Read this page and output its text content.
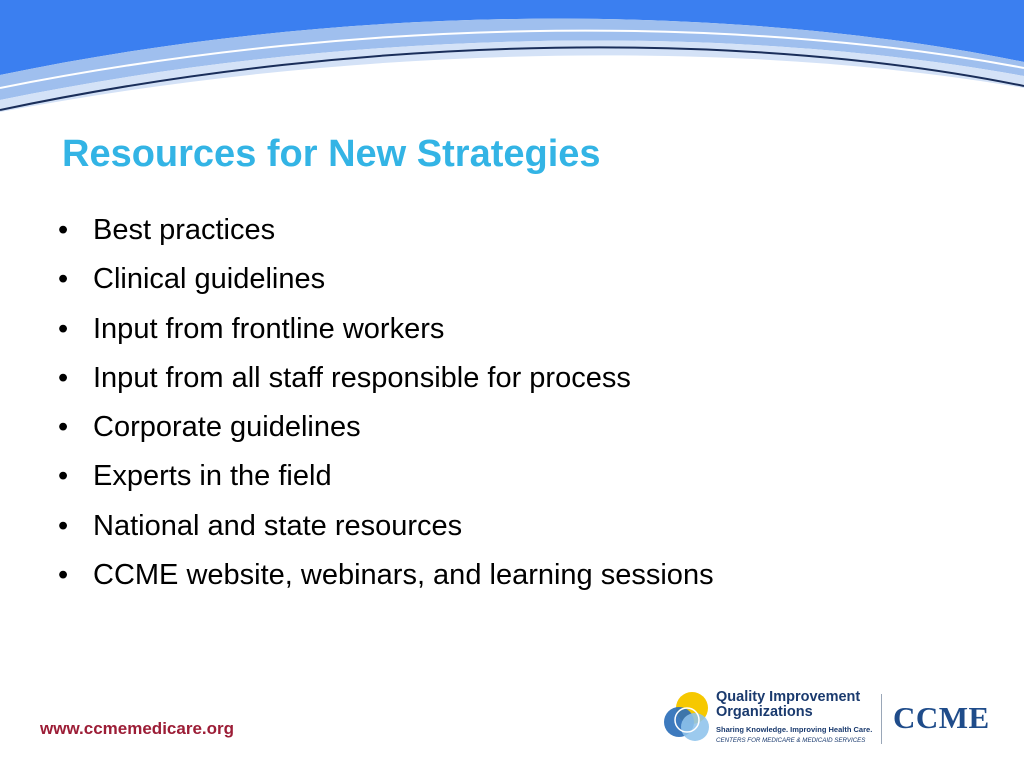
Resources for New Strategies
• Best practices
• Clinical guidelines
• Input from frontline workers
• Input from all staff responsible for process
• Corporate guidelines
• Experts in the field
• National and state resources
• CCME website, webinars, and learning sessions
www.ccmemedicare.org
Quality Improvement
Organizations
Sharing Knowledge. Improving Health Care.
CENTERS FOR MEDICARE & MEDICAID SERVICES
CCME
